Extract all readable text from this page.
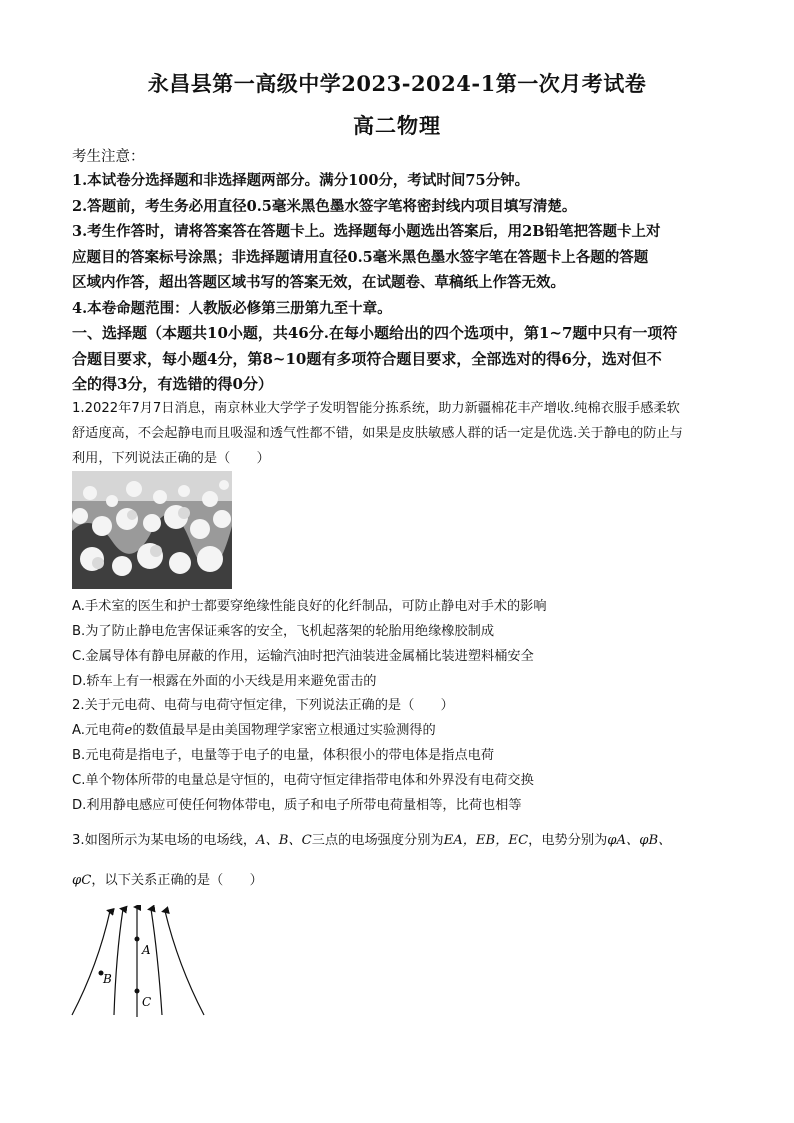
永昌县第一高级中学2023-2024-1第一次月考试卷
高二物理

考生注意：

1.本试卷分选择题和非选择题两部分。满分100分，考试时间75分钟。

2.答题前，考生务必用直径0.5毫米黑色墨水签字笔将密封线内项目填写清楚。

3.考生作答时，请将答案答在答题卡上。选择题每小题选出答案后，用2B铅笔把答题卡上对

应题目的答案标号涂黑；非选择题请用直径0.5毫米黑色墨水签字笔在答题卡上各题的答题

区域内作答，超出答题区域书写的答案无效，在试题卷、草稿纸上作答无效。

4.本卷命题范围：人教版必修第三册第九至十章。

一、选择题（本题共10小题，共46分.在每小题给出的四个选项中，第1~7题中只有一项符

合题目要求，每小题4分，第8~10题有多项符合题目要求，全部选对的得6分，选对但不

全的得3分，有选错的得0分）

1.2022年7月7日消息，南京林业大学学子发明智能分拣系统，助力新疆棉花丰产增收.纯棉衣服手感柔软

舒适度高，不会起静电而且吸湿和透气性都不错，如果是皮肤敏感人群的话一定是优选.关于静电的防止与

利用，下列说法正确的是（　　）

A.手术室的医生和护士都要穿绝缘性能良好的化纤制品，可防止静电对手术的影响

B.为了防止静电危害保证乘客的安全，飞机起落架的轮胎用绝缘橡胶制成

C.金属导体有静电屏蔽的作用，运输汽油时把汽油装进金属桶比装进塑料桶安全

D.轿车上有一根露在外面的小天线是用来避免雷击的

2.关于元电荷、电荷与电荷守恒定律，下列说法正确的是（　　）

A.元电荷e的数值最早是由美国物理学家密立根通过实验测得的

B.元电荷是指电子，电量等于电子的电量，体积很小的带电体是指点电荷

C.单个物体所带的电量总是守恒的，电荷守恒定律指带电体和外界没有电荷交换

D.利用静电感应可使任何物体带电，质子和电子所带电荷量相等，比荷也相等

3.如图所示为某电场的电场线，A、B、C三点的电场强度分别为EA，EB，EC，电势分别为φA、φB、

φC，以下关系正确的是（　　）

A
B
C
